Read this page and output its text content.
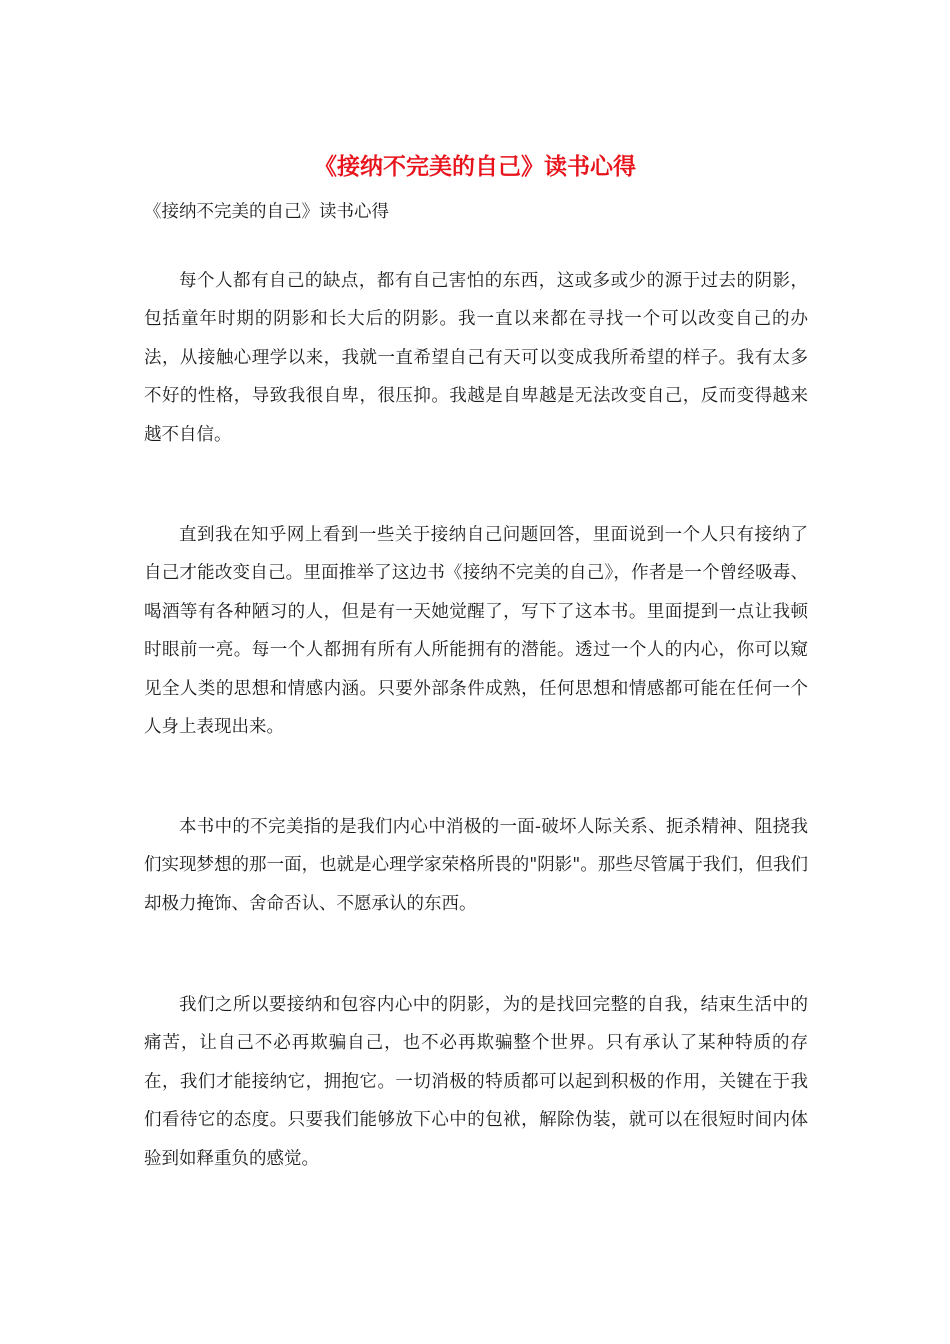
《接纳不完美的自己》读书心得

《接纳不完美的自己》读书心得

每个人都有自己的缺点，都有自己害怕的东西，这或多或少的源于过去的阴影，包括童年时期的阴影和长大后的阴影。我一直以来都在寻找一个可以改变自己的办法，从接触心理学以来，我就一直希望自己有天可以变成我所希望的样子。我有太多不好的性格，导致我很自卑，很压抑。我越是自卑越是无法改变自己，反而变得越来越不自信。

直到我在知乎网上看到一些关于接纳自己问题回答，里面说到一个人只有接纳了自己才能改变自己。里面推举了这边书《接纳不完美的自己》，作者是一个曾经吸毒、喝酒等有各种陋习的人，但是有一天她觉醒了，写下了这本书。里面提到一点让我顿时眼前一亮。每一个人都拥有所有人所能拥有的潜能。透过一个人的内心，你可以窥见全人类的思想和情感内涵。只要外部条件成熟，任何思想和情感都可能在任何一个人身上表现出来。

本书中的不完美指的是我们内心中消极的一面-破坏人际关系、扼杀精神、阻挠我们实现梦想的那一面，也就是心理学家荣格所畏的"阴影"。那些尽管属于我们，但我们却极力掩饰、舍命否认、不愿承认的东西。

我们之所以要接纳和包容内心中的阴影，为的是找回完整的自我，结束生活中的痛苦，让自己不必再欺骗自己，也不必再欺骗整个世界。只有承认了某种特质的存在，我们才能接纳它，拥抱它。一切消极的特质都可以起到积极的作用，关键在于我们看待它的态度。只要我们能够放下心中的包袱，解除伪装，就可以在很短时间内体验到如释重负的感觉。
